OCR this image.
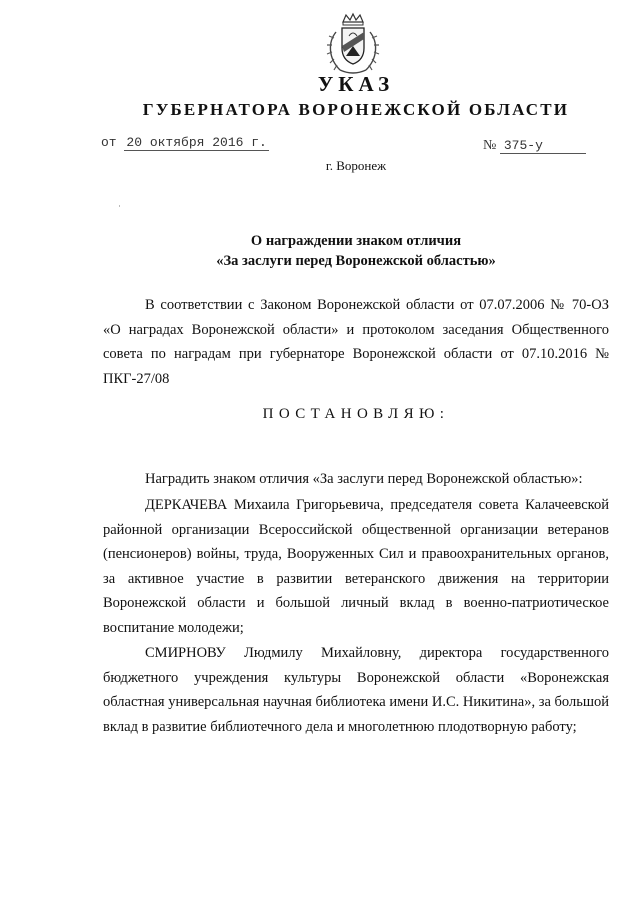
УКАЗ
ГУБЕРНАТОРА ВОРОНЕЖСКОЙ ОБЛАСТИ
от 20 октября 2016 г.	№ 375-у
г. Воронеж
О награждении знаком отличия
«За заслуги перед Воронежской областью»

В соответствии с Законом Воронежской области от 07.07.2006 № 70-ОЗ «О наградах Воронежской области» и протоколом заседания Общественного совета по наградам при губернаторе Воронежской области от 07.10.2016 № ПКГ-27/08

ПОСТАНОВЛЯЮ:

Наградить знаком отличия «За заслуги перед Воронежской областью»:

ДЕРКАЧЕВА Михаила Григорьевича, председателя совета Калачеевской районной организации Всероссийской общественной организации ветеранов (пенсионеров) войны, труда, Вооруженных Сил и правоохранительных органов, за активное участие в развитии ветеранского движения на территории Воронежской области и большой личный вклад в военно-патриотическое воспитание молодежи;

СМИРНОВУ Людмилу Михайловну, директора государственного бюджетного учреждения культуры Воронежской области «Воронежская областная универсальная научная библиотека имени И.С. Никитина», за большой вклад в развитие библиотечного дела и многолетнюю плодотворную работу;
